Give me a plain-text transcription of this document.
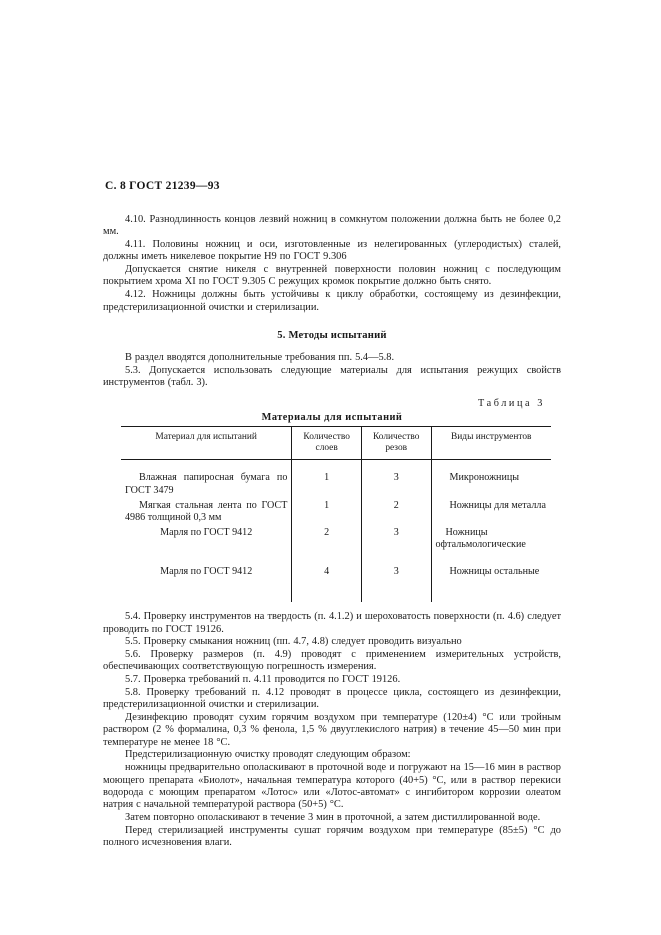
С. 8 ГОСТ 21239—93

4.10. Разнодлинность концов лезвий ножниц в сомкнутом положении должна быть не более 0,2 мм.

4.11. Половины ножниц и оси, изготовленные из нелегированных (углеродистых) сталей, должны иметь никелевое покрытие Н9 по ГОСТ 9.306

Допускается снятие никеля с внутренней поверхности половин ножниц с последующим покрытием хрома XI по ГОСТ 9.305 С режущих кромок покрытие должно быть снято.

4.12. Ножницы должны быть устойчивы к циклу обработки, состоящему из дезинфекции, предстерилизационной очистки и стерилизации.

5. Методы испытаний

В раздел вводятся дополнительные требования пп. 5.4—5.8.

5.3. Допускается использовать следующие материалы для испытания режущих свойств инструментов (табл. 3).

Таблица 3
Материалы для испытаний
Материал для испытаний	Количество слоев	Количество резов	Виды инструментов

Влажная папиросная бумага по ГОСТ 3479	1	3	Микроножницы

Мягкая стальная лента по ГОСТ 4986 толщиной 0,3 мм	1	2	Ножницы для металла

Марля по ГОСТ 9412	2	3	Ножницы офтальмологические

Марля по ГОСТ 9412	4	3	Ножницы остальные

5.4. Проверку инструментов на твердость (п. 4.1.2) и шероховатость поверхности (п. 4.6) следует проводить по ГОСТ 19126.

5.5. Проверку смыкания ножниц (пп. 4.7, 4.8) следует проводить визуально

5.6. Проверку размеров (п. 4.9) проводят с применением измерительных устройств, обеспечивающих соответствующую погрешность измерения.

5.7. Проверка требований п. 4.11 проводится по ГОСТ 19126.

5.8. Проверку требований п. 4.12 проводят в процессе цикла, состоящего из дезинфекции, предстерилизационной очистки и стерилизации.

Дезинфекцию проводят сухим горячим воздухом при температуре (120±4) °С или тройным раствором (2 % формалина, 0,3 % фенола, 1,5 % двууглекислого натрия) в течение 45—50 мин при температуре не менее 18 °С.

Предстерилизационную очистку проводят следующим образом:

ножницы предварительно ополаскивают в проточной воде и погружают на 15—16 мин в раствор моющего препарата «Биолот», начальная температура которого (40+5) °С, или в раствор перекиси водорода с моющим препаратом «Лотос» или «Лотос-автомат» с ингибитором коррозии олеатом натрия с начальной температурой раствора (50+5) °С.

Затем повторно ополаскивают в течение 3 мин в проточной, а затем дистиллированной воде.

Перед стерилизацией инструменты сушат горячим воздухом при температуре (85±5) °С до полного исчезновения влаги.
